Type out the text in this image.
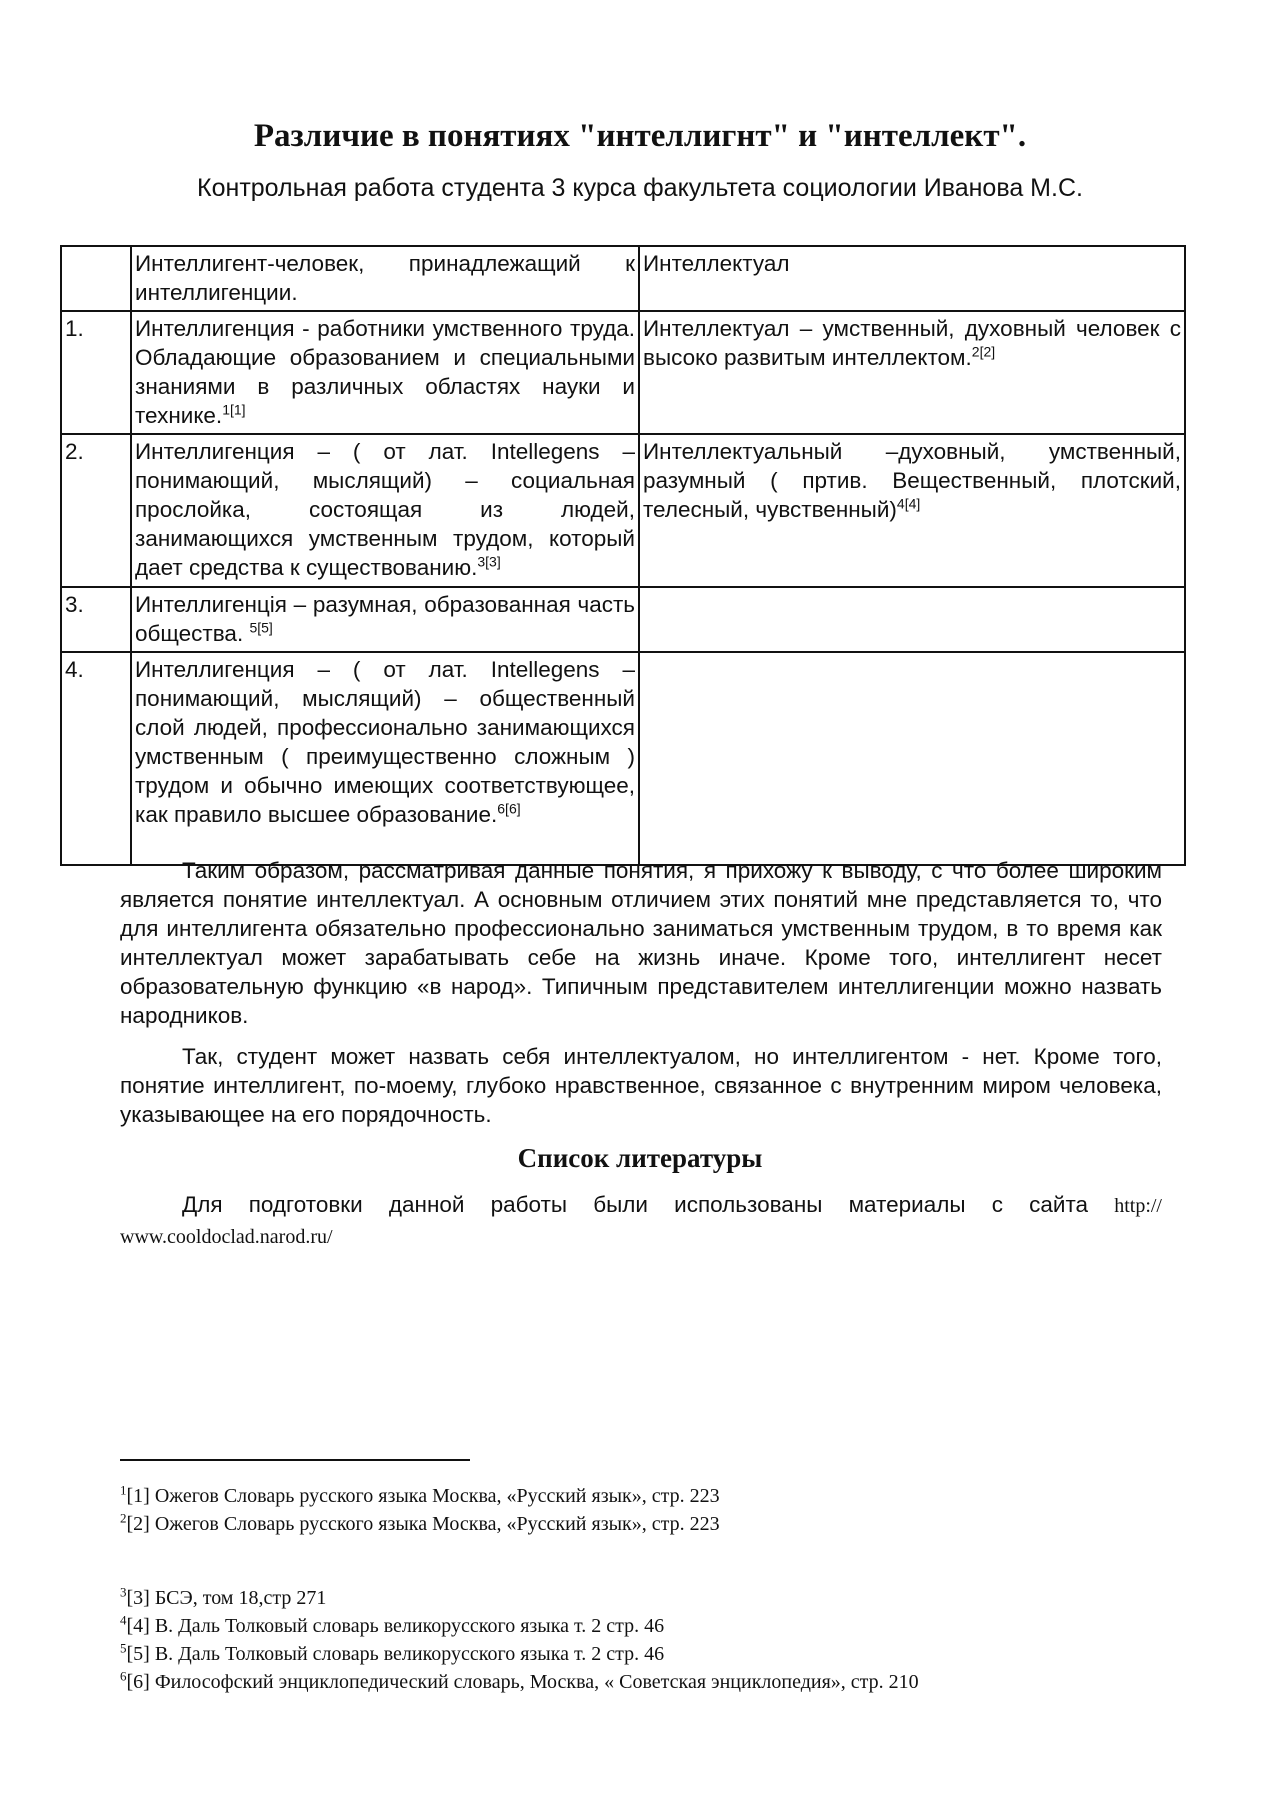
Различие в понятиях "интеллигнт" и "интеллект".
Контрольная работа студента 3 курса факультета социологии Иванова М.С.
	Интеллигент-человек, принадлежащий к интеллигенции.	Интеллектуал
1.	Интеллигенция - работники умственного труда. Обладающие образованием и специальными знаниями в различных областях науки и технике.$^{1[1]}$	Интеллектуал – умственный, духовный человек с высоко развитым интеллектом.$^{2[2]}$
2.	Интеллигенция – ( от лат. Intellegens – понимающий, мыслящий) – социальная прослойка, состоящая из людей, занимающихся умственным трудом, который дает средства к существованию.$^{3[3]}$	Интеллектуальный –духовный, умственный, разумный ( пртив. Вещественный, плотский, телесный, чувственный)$^{4[4]}$
3.	Интеллигенція – разумная, образованная часть общества. $^{5[5]}$	
4.	Интеллигенция – ( от лат. Intellegens – понимающий, мыслящий) – общественный слой людей, профессионально занимающихся умственным ( преимущественно сложным ) трудом и обычно имеющих соответствующее, как правило высшее образование.$^{6[6]}$	

Таким образом, рассматривая данные понятия, я прихожу к выводу, с что более широким является понятие интеллектуал. А основным отличием этих понятий мне представляется то, что для интеллигента обязательно профессионально заниматься умственным трудом, в то время как интеллектуал может зарабатывать себе на жизнь иначе. Кроме того, интеллигент несет образовательную функцию «в народ». Типичным представителем интеллигенции можно назвать народников.

Так, студент может назвать себя интеллектуалом, но интеллигентом - нет. Кроме того, понятие интеллигент, по-моему, глубоко нравственное, связанное с внутренним миром человека, указывающее на его порядочность.

Список литературы
Для подготовки данной работы были использованы материалы с сайта http:// www.cooldoclad.narod.ru/
$^1$[1] Ожегов Словарь русского языка Москва, «Русский язык», стр. 223
$^2$[2] Ожегов Словарь русского языка Москва, «Русский язык», стр. 223
$^3$[3] БСЭ, том 18,стр 271
$^4$[4] В. Даль Толковый словарь великорусского языка т. 2 стр. 46
$^5$[5] В. Даль Толковый словарь великорусского языка т. 2 стр. 46
$^6$[6] Философский энциклопедический словарь, Москва, « Советская энциклопедия», стр. 210
